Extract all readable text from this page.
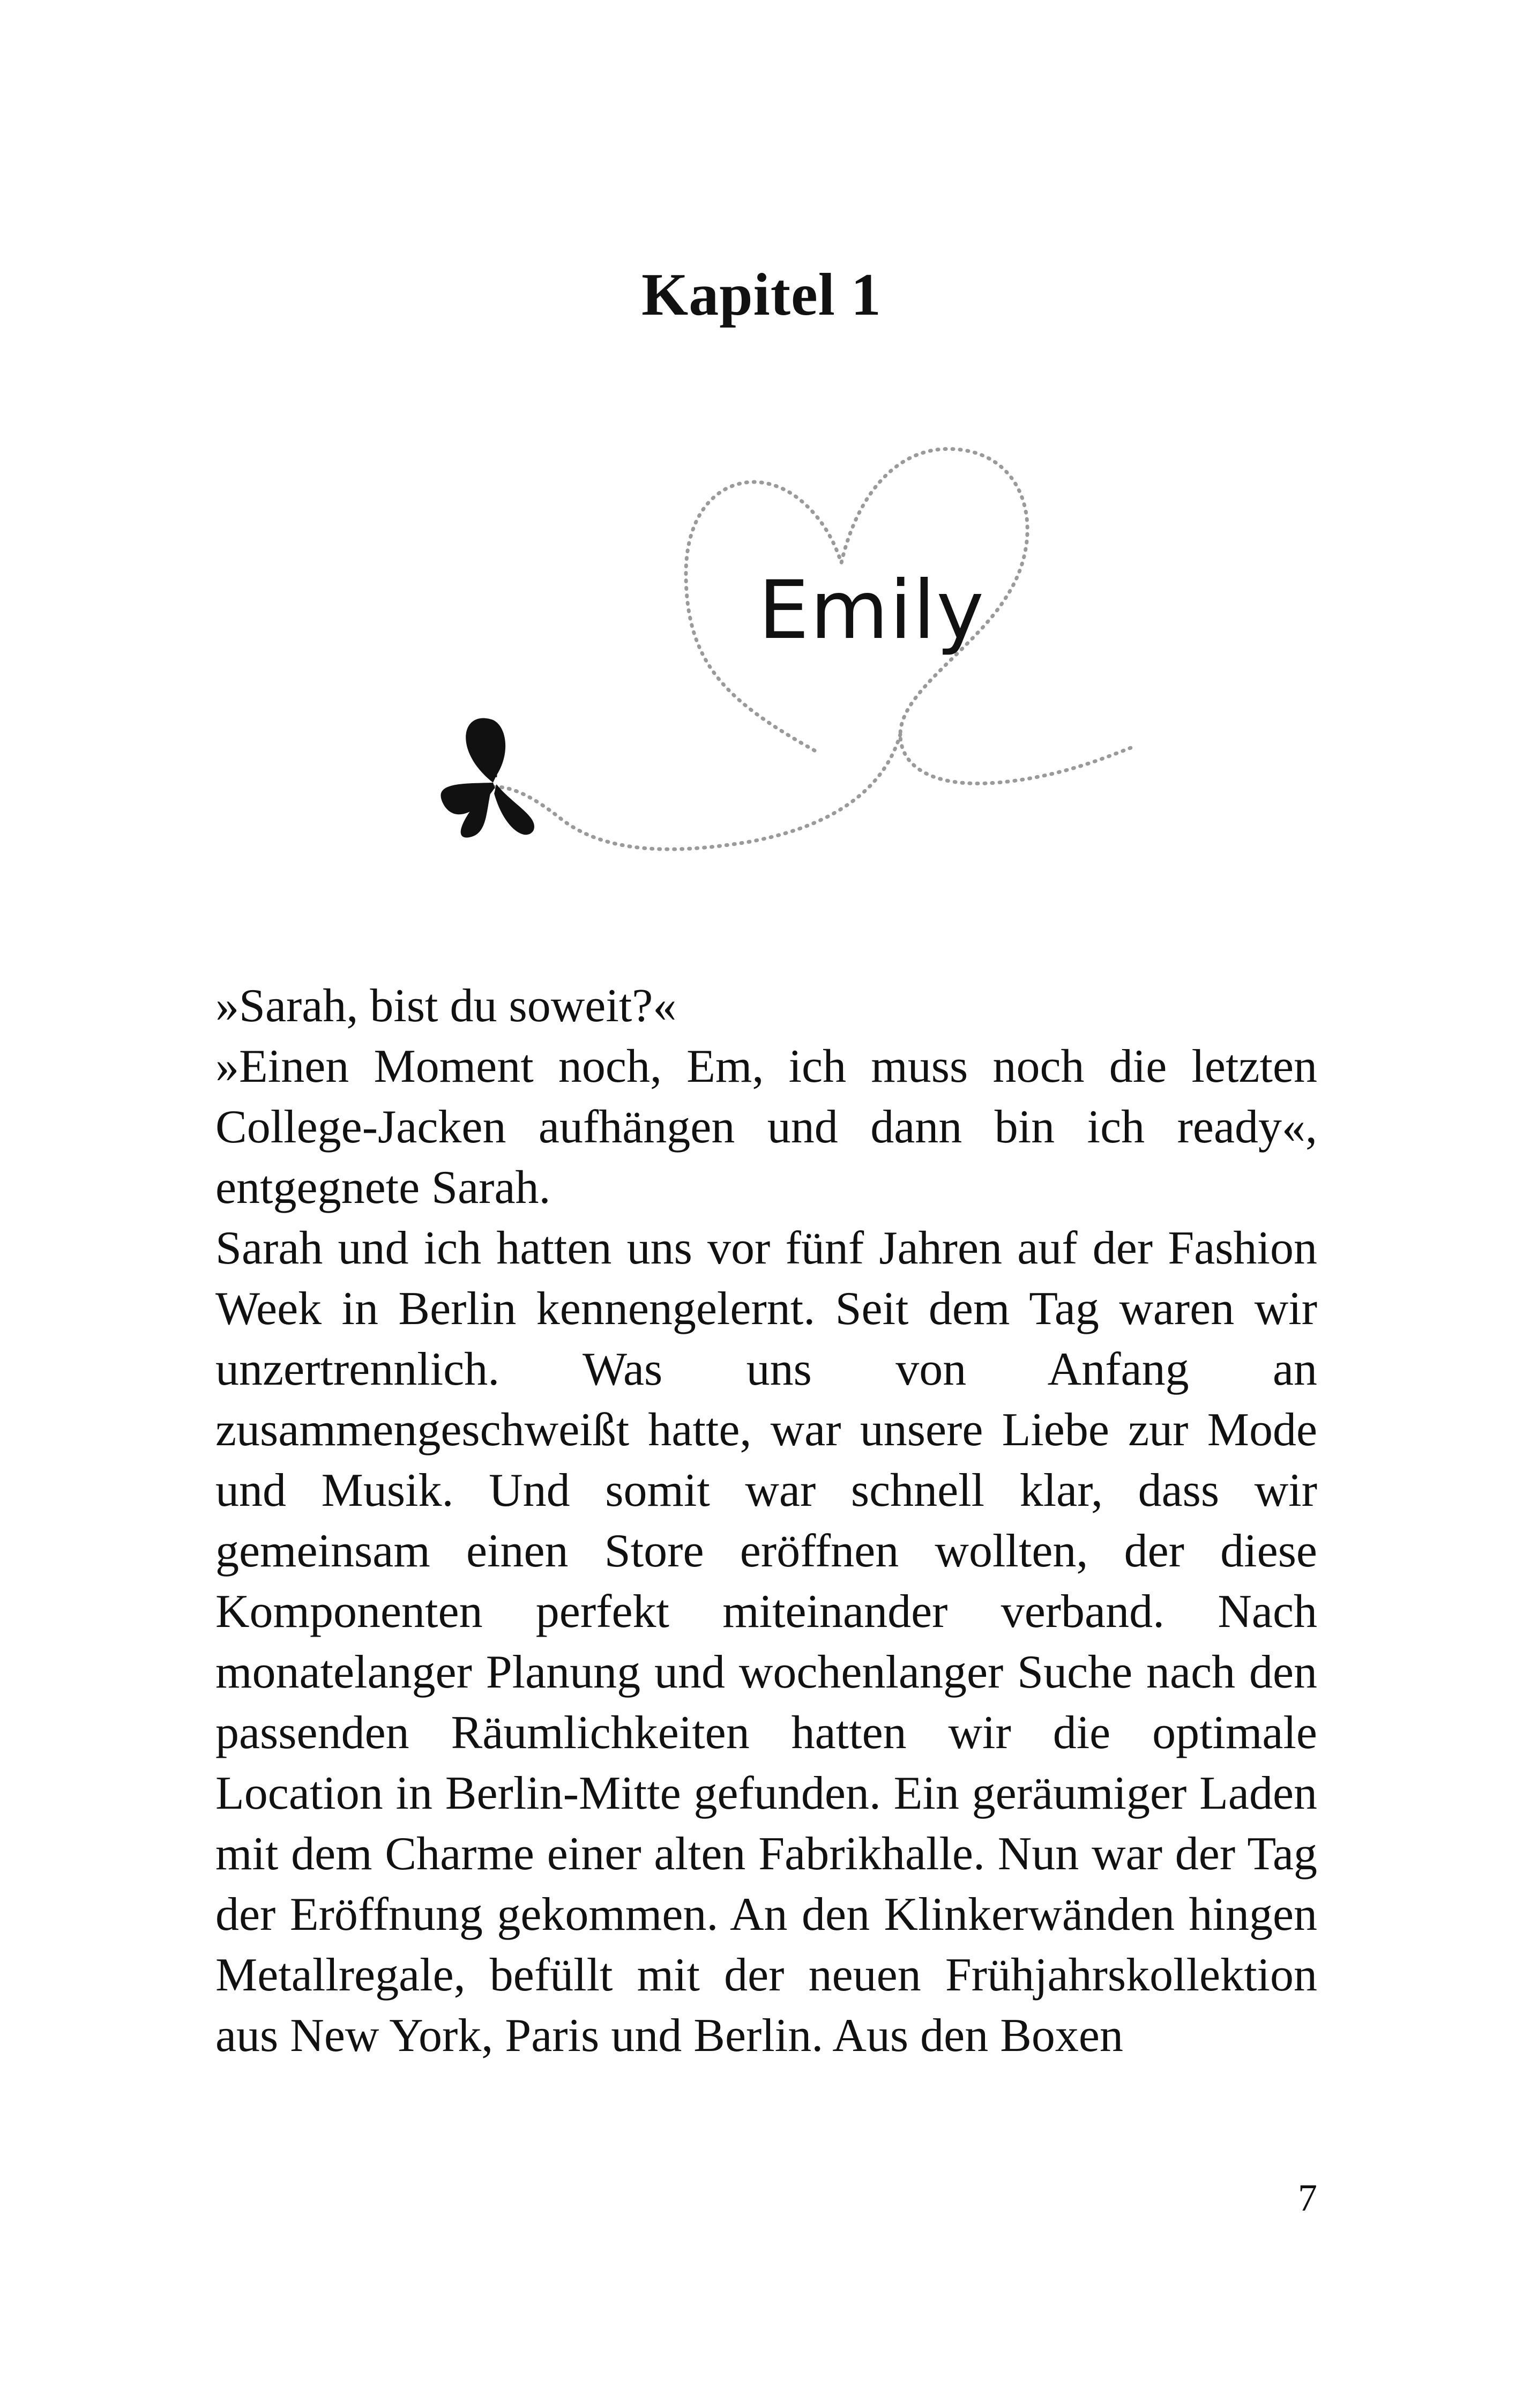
Kapitel 1
Emily

»Sarah, bist du soweit?«

»Einen Moment noch, Em, ich muss noch die letzten College-Jacken aufhängen und dann bin ich ready«, entgegnete Sarah.

Sarah und ich hatten uns vor fünf Jahren auf der Fashion Week in Berlin kennengelernt. Seit dem Tag waren wir unzertrennlich. Was uns von Anfang an zusammengeschweißt hatte, war unsere Liebe zur Mode und Musik. Und somit war schnell klar, dass wir gemeinsam einen Store eröffnen wollten, der diese Komponenten perfekt miteinander verband. Nach monatelanger Planung und wochenlanger Suche nach den passenden Räumlichkeiten hatten wir die optimale Location in Berlin-Mitte gefunden. Ein geräumiger Laden mit dem Charme einer alten Fabrikhalle. Nun war der Tag der Eröffnung gekommen. An den Klinkerwänden hingen Metallregale, befüllt mit der neuen Frühjahrskollektion aus New York, Paris und Berlin. Aus den Boxen

7
